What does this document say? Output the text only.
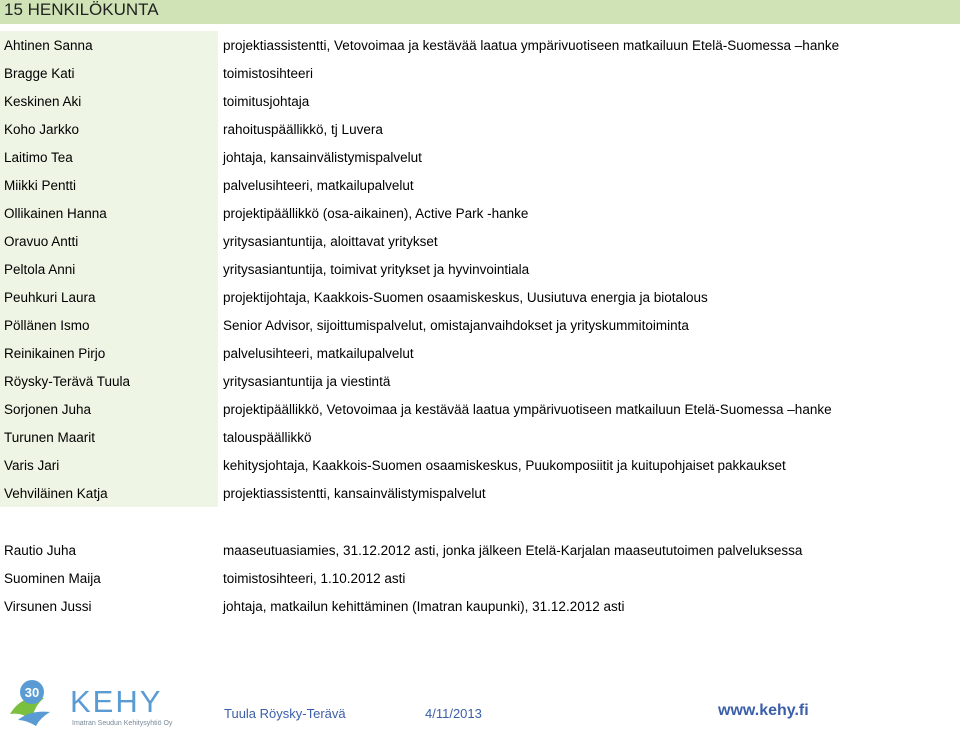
15 HENKILÖKUNTA
Ahtinen Sanna	projektiassistentti, Vetovoimaa ja kestävää laatua ympärivuotiseen matkailuun Etelä-Suomessa –hanke
Bragge Kati	toimistosihteeri
Keskinen Aki	toimitusjohtaja
Koho Jarkko	rahoituspäällikkö, tj Luvera
Laitimo Tea	johtaja, kansainvälistymispalvelut
Miikki Pentti	palvelusihteeri, matkailupalvelut
Ollikainen Hanna	projektipäällikkö (osa-aikainen), Active Park -hanke
Oravuo Antti	yritysasiantuntija, aloittavat yritykset
Peltola Anni	yritysasiantuntija, toimivat yritykset ja hyvinvointiala
Peuhkuri Laura	projektijohtaja, Kaakkois-Suomen osaamiskeskus, Uusiutuva energia ja biotalous
Pöllänen Ismo	Senior Advisor, sijoittumispalvelut, omistajanvaihdokset ja yrityskummitoiminta
Reinikainen Pirjo	palvelusihteeri, matkailupalvelut
Röysky-Terävä Tuula	yritysasiantuntija ja viestintä
Sorjonen Juha	projektipäällikkö, Vetovoimaa ja kestävää laatua ympärivuotiseen matkailuun Etelä-Suomessa –hanke
Turunen Maarit	talouspäällikkö
Varis Jari	kehitysjohtaja, Kaakkois-Suomen osaamiskeskus, Puukomposiitit ja kuitupohjaiset pakkaukset
Vehviläinen Katja	projektiassistentti, kansainvälistymispalvelut
Rautio Juha	maaseutuasiamies, 31.12.2012 asti, jonka jälkeen Etelä-Karjalan maaseututoimen palveluksessa
Suominen Maija	toimistosihteeri, 1.10.2012 asti
Virsunen Jussi	johtaja, matkailun kehittäminen (Imatran kaupunki), 31.12.2012 asti
30 KEHY
Imatran Seudun Kehitysyhtiö Oy
Tuula Röysky-Terävä	4/11/2013	www.kehy.fi
